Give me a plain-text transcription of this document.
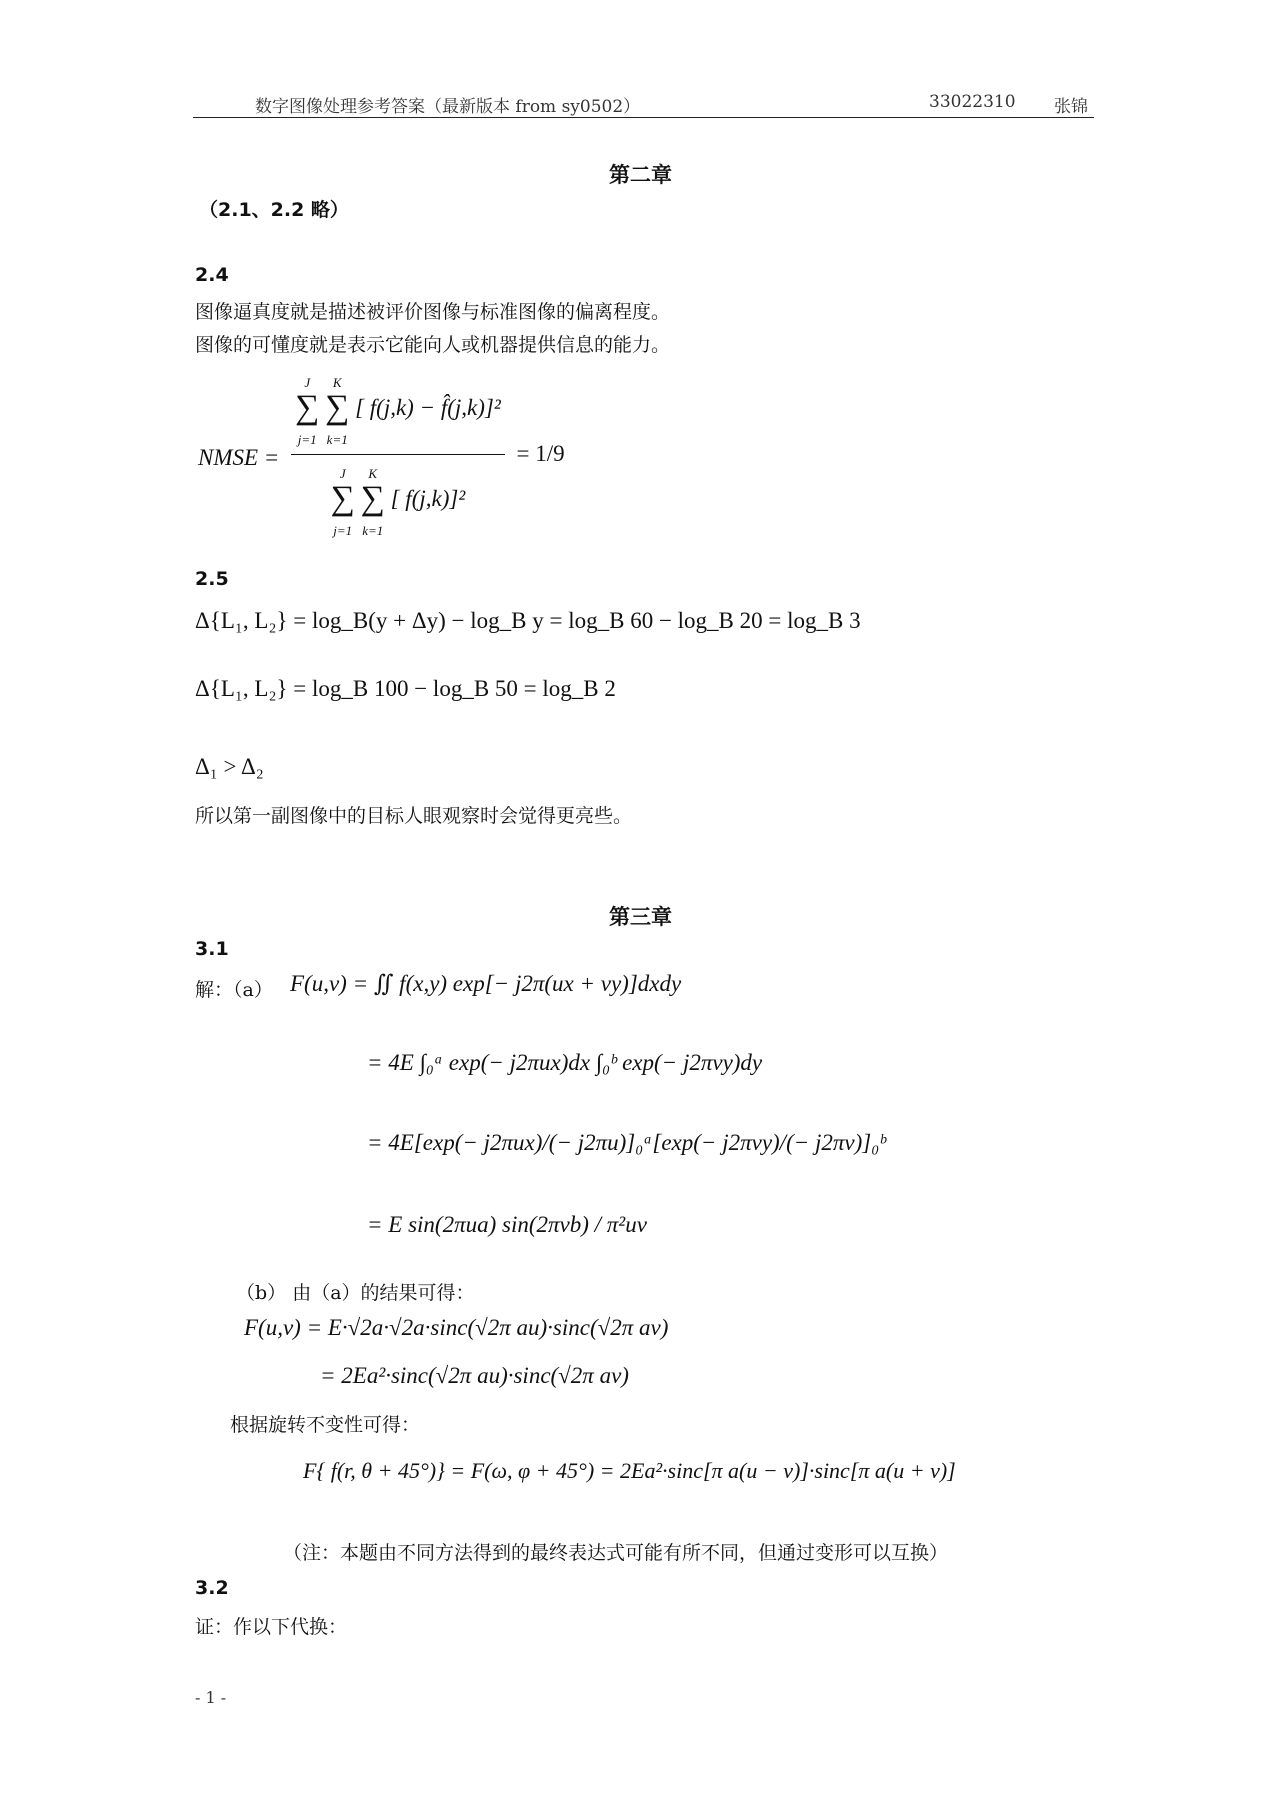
数字图像处理参考答案（最新版本 from sy0502）	33022310 张锦
第二章
（2.1、2.2 略）
2.4
图像逼真度就是描述被评价图像与标准图像的偏离程度。
图像的可懂度就是表示它能向人或机器提供信息的能力。
NMSE =
J
∑
j=1 K
∑
k=1 [ f(j,k) − f̂(j,k)]²
J
∑
j=1 K
∑
k=1 [ f(j,k)]²
= 1/9
2.5
Δ{L₁, L₂} = log_B(y + Δy) − log_B y = log_B 60 − log_B 20 = log_B 3
Δ{L₁, L₂} = log_B 100 − log_B 50 = log_B 2
Δ₁ > Δ₂
所以第一副图像中的目标人眼观察时会觉得更亮些。
第三章
3.1
解：（a） F(u,v) = ∬ f(x,y) exp[− j2π(ux + vy)]dxdy
= 4E ∫₀ᵃ exp(− j2πux)dx ∫₀ᵇ exp(− j2πvy)dy
= 4E[exp(− j2πux)/(− j2πu)]₀ᵃ[exp(− j2πvy)/(− j2πv)]₀ᵇ
= E sin(2πua) sin(2πvb) / π²uv
（b） 由（a）的结果可得：
F(u,v) = E·√2a·√2a·sinc(√2π au)·sinc(√2π av)
= 2Ea²·sinc(√2π au)·sinc(√2π av)
根据旋转不变性可得：
F{ f(r, θ + 45°)} = F(ω, φ + 45°) = 2Ea²·sinc[π a(u − v)]·sinc[π a(u + v)]
（注：本题由不同方法得到的最终表达式可能有所不同，但通过变形可以互换）
3.2
证：作以下代换：
- 1 -
